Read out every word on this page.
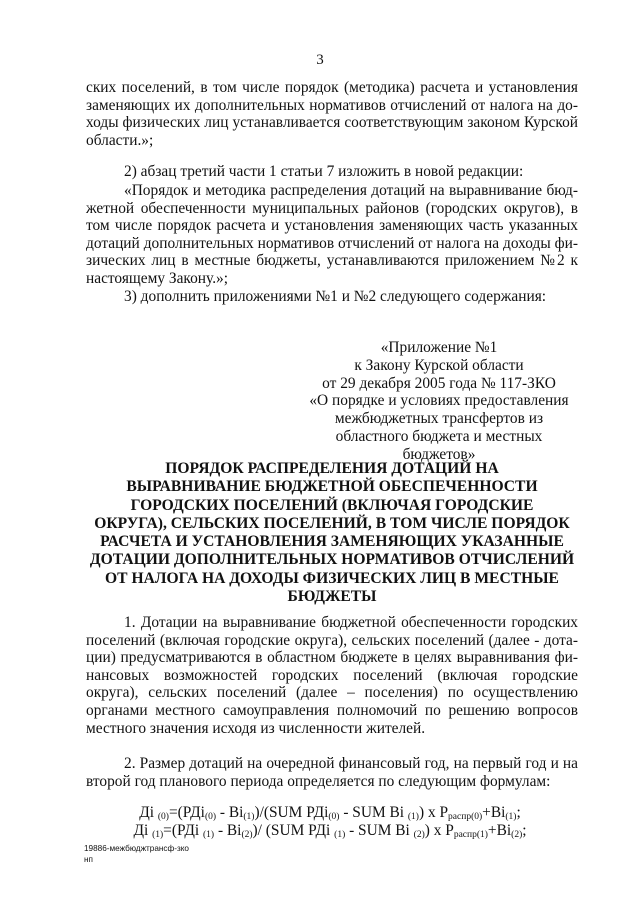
3

ских поселений, в том числе порядок (методика) расчета и установления заменяющих их дополнительных нормативов отчислений от налога на доходы физических лиц устанавливается соответствующим законом Курской области.»;

2) абзац третий части 1 статьи 7 изложить в новой редакции:

«Порядок и методика распределения дотаций на выравнивание бюджетной обеспеченности муниципальных районов (городских округов), в том числе порядок расчета и установления заменяющих часть указанных дотаций дополнительных нормативов отчислений от налога на доходы физических лиц в местные бюджеты, устанавливаются приложением №2 к настоящему Закону.»;

3) дополнить приложениями №1 и №2 следующего содержания:

«Приложение №1
к Закону Курской области
от 29 декабря 2005 года № 117-ЗКО
«О порядке и условиях предоставления
межбюджетных трансфертов из
областного бюджета и местных бюджетов»
ПОРЯДОК РАСПРЕДЕЛЕНИЯ ДОТАЦИЙ НА
ВЫРАВНИВАНИЕ БЮДЖЕТНОЙ ОБЕСПЕЧЕННОСТИ
ГОРОДСКИХ ПОСЕЛЕНИЙ (ВКЛЮЧАЯ ГОРОДСКИЕ
ОКРУГА), СЕЛЬСКИХ ПОСЕЛЕНИЙ, В ТОМ ЧИСЛЕ ПОРЯДОК
РАСЧЕТА И УСТАНОВЛЕНИЯ ЗАМЕНЯЮЩИХ УКАЗАННЫЕ
ДОТАЦИИ ДОПОЛНИТЕЛЬНЫХ НОРМАТИВОВ ОТЧИСЛЕНИЙ
ОТ НАЛОГА НА ДОХОДЫ ФИЗИЧЕСКИХ ЛИЦ В МЕСТНЫЕ
БЮДЖЕТЫ

1. Дотации на выравнивание бюджетной обеспеченности городских поселений (включая городские округа), сельских поселений (далее - дотации) предусматриваются в областном бюджете в целях выравнивания финансовых возможностей городских поселений (включая городские округа), сельских поселений (далее – поселения) по осуществлению органами местного самоуправления полномочий по решению вопросов местного значения исходя из численности жителей.

2. Размер дотаций на очередной финансовый год, на первый год и на второй год планового периода определяется по следующим формулам:

Дi $_{(0)}=(РДi_{(0)} - Вi_{(1)})/(SUM$ РДi$_{(0)}$ - SUM Вi $_{(1)}$) х $Р_{распр(0)}+Вi_{(1)}$;
Дi $_{(1)}$=(РДi $_{(1)} - Вi_{(2)})/$ (SUM РДi $_{(1)}$ - SUM Вi $_{(2)}$) х $Р_{распр(1)}+Вi_{(2)}$;
19886-межбюджтрансф-зко
нп
